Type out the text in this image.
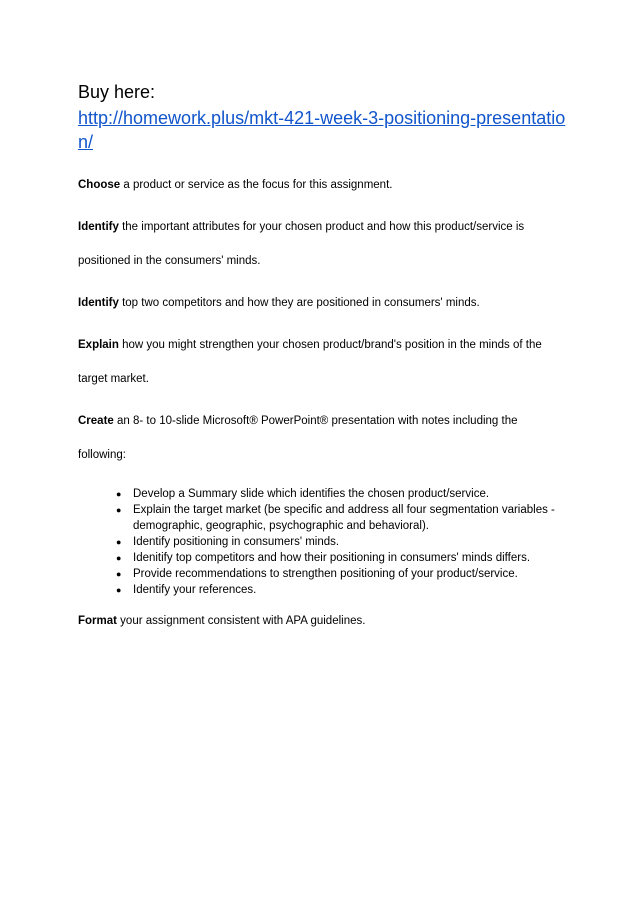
Buy here:

http://homework.plus/mkt-421-week-3-positioning-presentation/

Choose a product or service as the focus for this assignment.

Identify the important attributes for your chosen product and how this product/service is positioned in the consumers' minds.

Identify top two competitors and how they are positioned in consumers' minds.

Explain how you might strengthen your chosen product/brand's position in the minds of the target market.

Create an 8- to 10-slide Microsoft® PowerPoint® presentation with notes including the following:

● Develop a Summary slide which identifies the chosen product/service.
● Explain the target market (be specific and address all four segmentation variables - demographic, geographic, psychographic and behavioral).
● Identify positioning in consumers' minds.
● Idenitify top competitors and how their positioning in consumers' minds differs.
● Provide recommendations to strengthen positioning of your product/service.
● Identify your references.

Format your assignment consistent with APA guidelines.
